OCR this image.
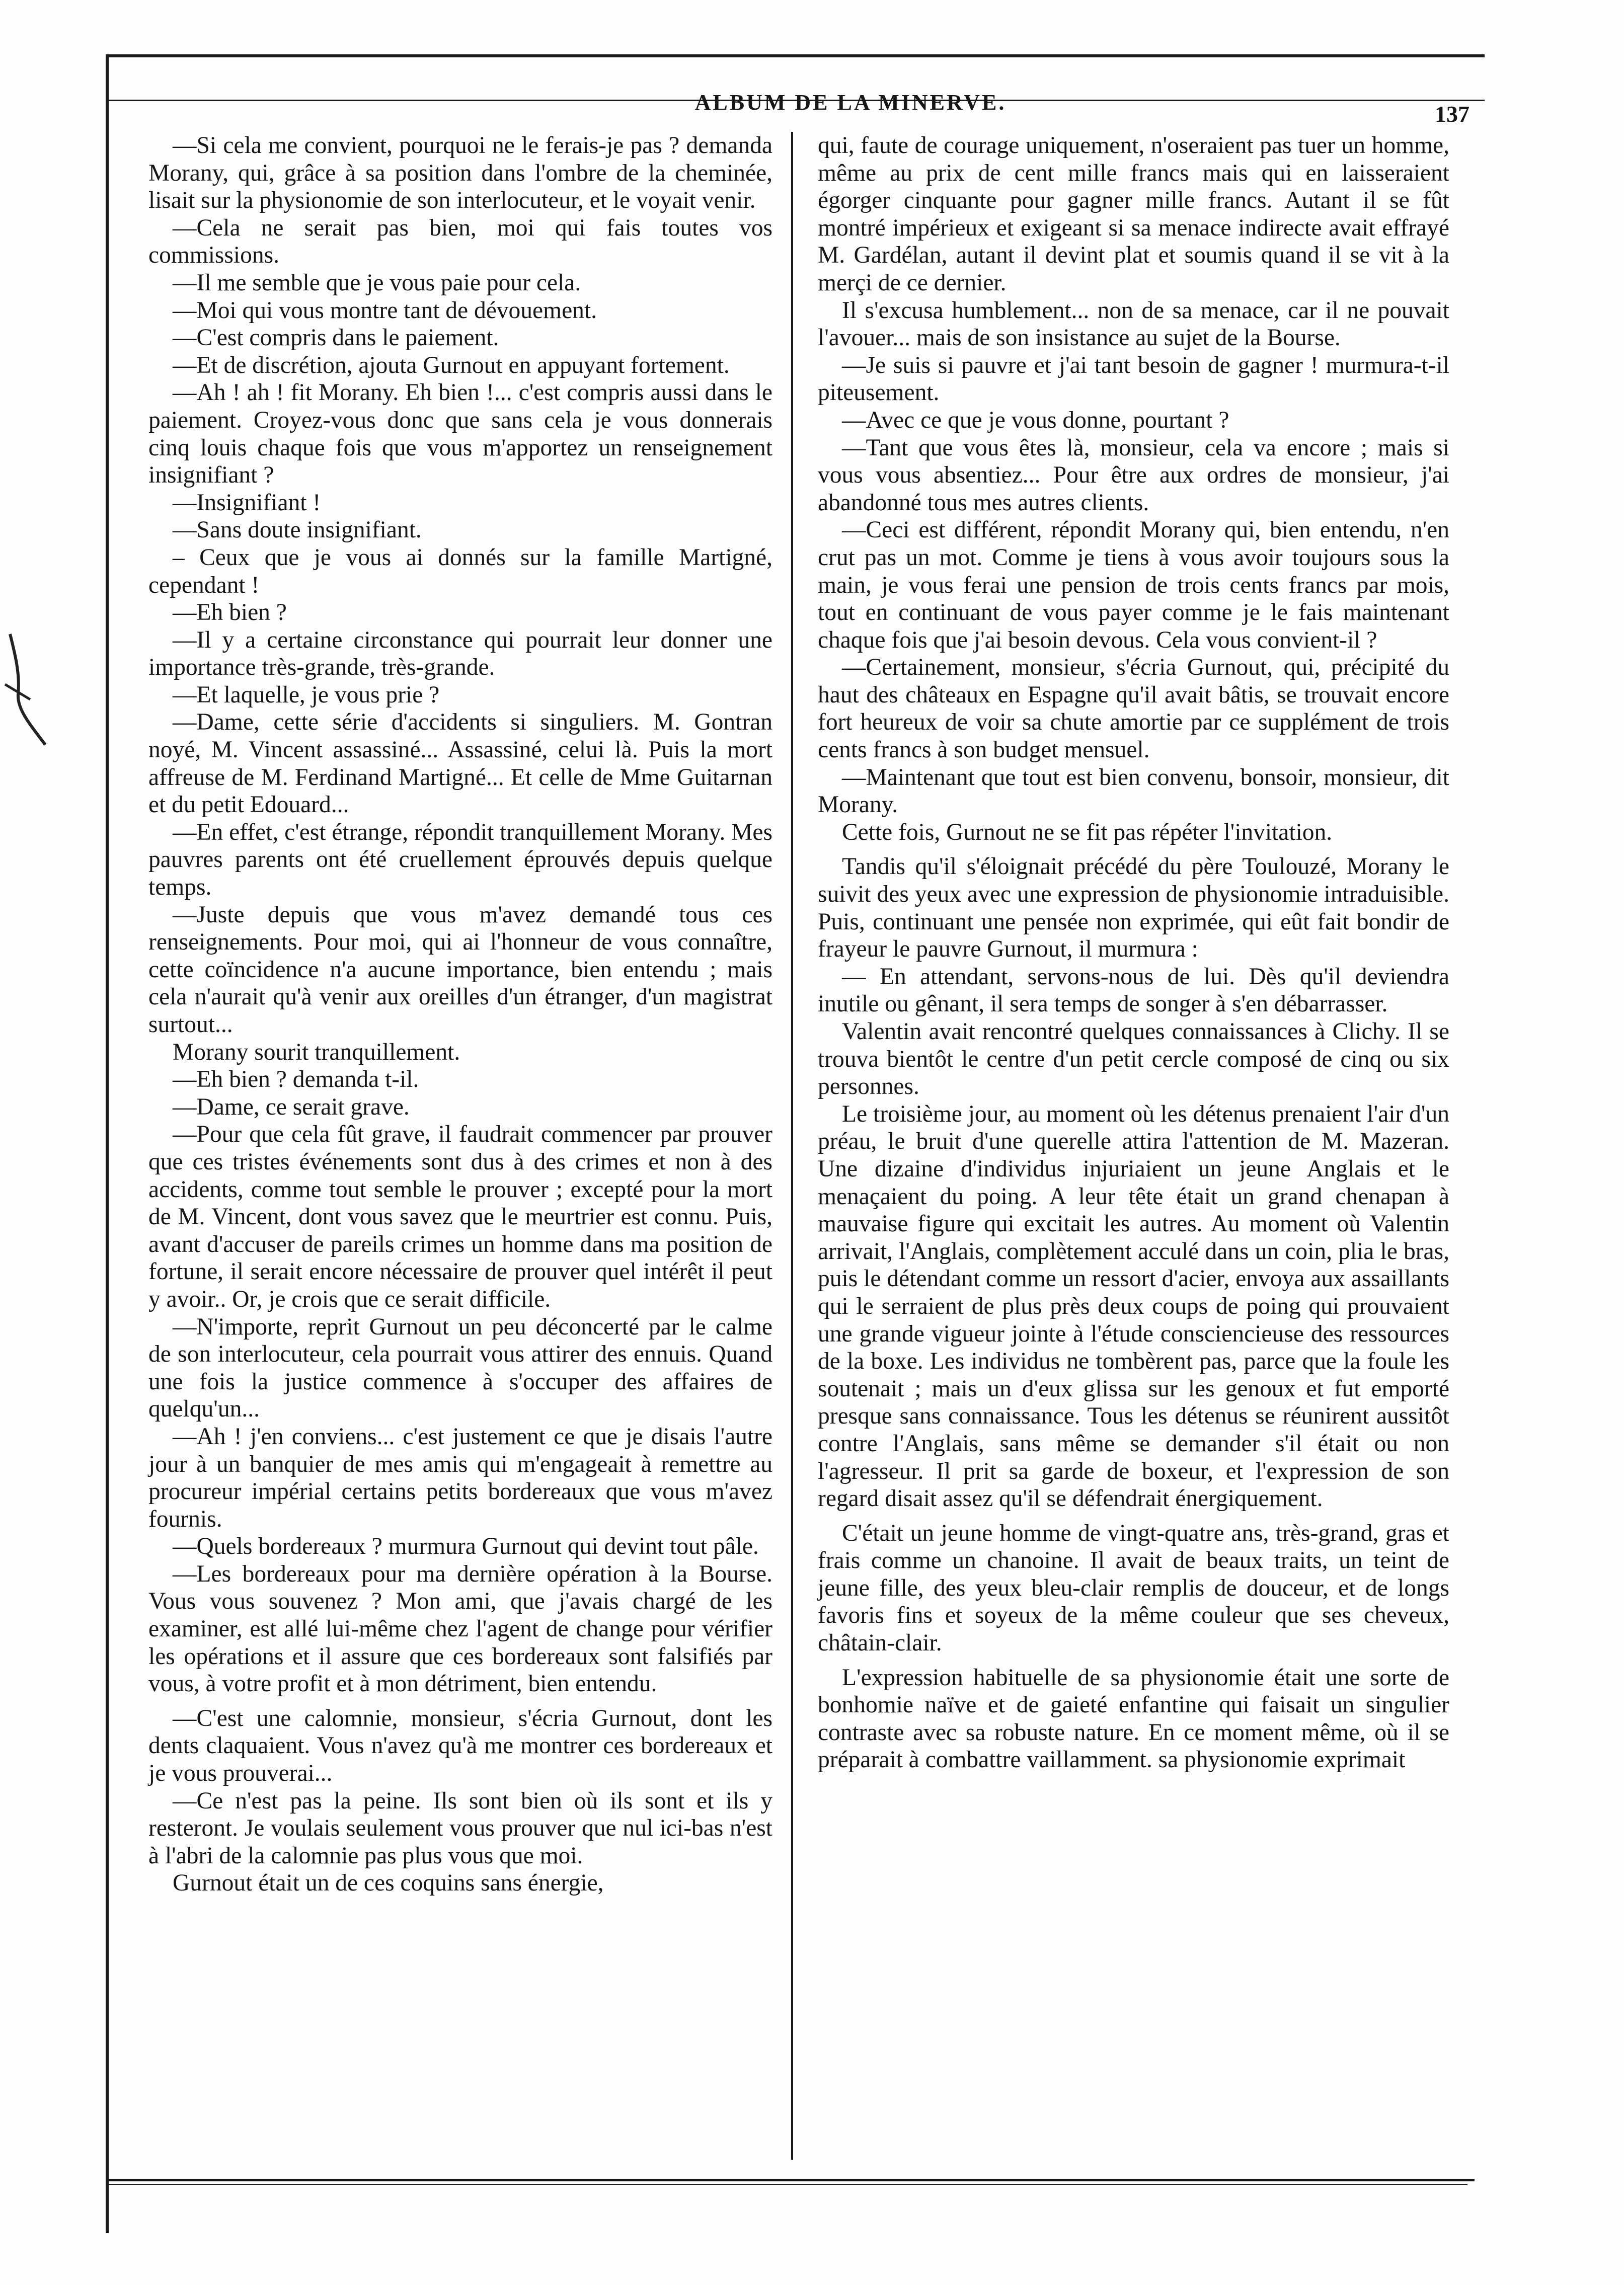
ALBUM DE LA MINERVE.	137

—Si cela me convient, pourquoi ne le ferais-je pas ? demanda Morany, qui, grâce à sa position dans l'ombre de la cheminée, lisait sur la physionomie de son interlocuteur, et le voyait venir.

—Cela ne serait pas bien, moi qui fais toutes vos commissions.

—Il me semble que je vous paie pour cela.

—Moi qui vous montre tant de dévouement.

—C'est compris dans le paiement.

—Et de discrétion, ajouta Gurnout en appuyant fortement.

—Ah ! ah ! fit Morany. Eh bien !... c'est compris aussi dans le paiement. Croyez-vous donc que sans cela je vous donnerais cinq louis chaque fois que vous m'apportez un renseignement insignifiant ?

—Insignifiant !

—Sans doute insignifiant.

– Ceux que je vous ai donnés sur la famille Martigné, cependant !

—Eh bien ?

—Il y a certaine circonstance qui pourrait leur donner une importance très-grande, très-grande.

—Et laquelle, je vous prie ?

—Dame, cette série d'accidents si singuliers. M. Gontran noyé, M. Vincent assassiné... Assassiné, celui là. Puis la mort affreuse de M. Ferdinand Martigné... Et celle de Mme Guitarnan et du petit Edouard...

—En effet, c'est étrange, répondit tranquillement Morany. Mes pauvres parents ont été cruellement éprouvés depuis quelque temps.

—Juste depuis que vous m'avez demandé tous ces renseignements. Pour moi, qui ai l'honneur de vous connaître, cette coïncidence n'a aucune importance, bien entendu ; mais cela n'aurait qu'à venir aux oreilles d'un étranger, d'un magistrat surtout...

Morany sourit tranquillement.

—Eh bien ? demanda t-il.

—Dame, ce serait grave.

—Pour que cela fût grave, il faudrait commencer par prouver que ces tristes événements sont dus à des crimes et non à des accidents, comme tout semble le prouver ; excepté pour la mort de M. Vincent, dont vous savez que le meurtrier est connu. Puis, avant d'accuser de pareils crimes un homme dans ma position de fortune, il serait encore nécessaire de prouver quel intérêt il peut y avoir.. Or, je crois que ce serait difficile.

—N'importe, reprit Gurnout un peu déconcerté par le calme de son interlocuteur, cela pourrait vous attirer des ennuis. Quand une fois la justice commence à s'occuper des affaires de quelqu'un...

—Ah ! j'en conviens... c'est justement ce que je disais l'autre jour à un banquier de mes amis qui m'engageait à remettre au procureur impérial certains petits bordereaux que vous m'avez fournis.

—Quels bordereaux ? murmura Gurnout qui devint tout pâle.

—Les bordereaux pour ma dernière opération à la Bourse. Vous vous souvenez ? Mon ami, que j'avais chargé de les examiner, est allé lui-même chez l'agent de change pour vérifier les opérations et il assure que ces bordereaux sont falsifiés par vous, à votre profit et à mon détriment, bien entendu.

—C'est une calomnie, monsieur, s'écria Gurnout, dont les dents claquaient. Vous n'avez qu'à me montrer ces bordereaux et je vous prouverai...

—Ce n'est pas la peine. Ils sont bien où ils sont et ils y resteront. Je voulais seulement vous prouver que nul ici-bas n'est à l'abri de la calomnie pas plus vous que moi.

Gurnout était un de ces coquins sans énergie,

qui, faute de courage uniquement, n'oseraient pas tuer un homme, même au prix de cent mille francs mais qui en laisseraient égorger cinquante pour gagner mille francs. Autant il se fût montré impérieux et exigeant si sa menace indirecte avait effrayé M. Gardélan, autant il devint plat et soumis quand il se vit à la merçi de ce dernier.

Il s'excusa humblement... non de sa menace, car il ne pouvait l'avouer... mais de son insistance au sujet de la Bourse.

—Je suis si pauvre et j'ai tant besoin de gagner ! murmura-t-il piteusement.

—Avec ce que je vous donne, pourtant ?

—Tant que vous êtes là, monsieur, cela va encore ; mais si vous vous absentiez... Pour être aux ordres de monsieur, j'ai abandonné tous mes autres clients.

—Ceci est différent, répondit Morany qui, bien entendu, n'en crut pas un mot. Comme je tiens à vous avoir toujours sous la main, je vous ferai une pension de trois cents francs par mois, tout en continuant de vous payer comme je le fais maintenant chaque fois que j'ai besoin devous. Cela vous convient-il ?

—Certainement, monsieur, s'écria Gurnout, qui, précipité du haut des châteaux en Espagne qu'il avait bâtis, se trouvait encore fort heureux de voir sa chute amortie par ce supplément de trois cents francs à son budget mensuel.

—Maintenant que tout est bien convenu, bonsoir, monsieur, dit Morany.

Cette fois, Gurnout ne se fit pas répéter l'invitation.

Tandis qu'il s'éloignait précédé du père Toulouzé, Morany le suivit des yeux avec une expression de physionomie intraduisible. Puis, continuant une pensée non exprimée, qui eût fait bondir de frayeur le pauvre Gurnout, il murmura :

— En attendant, servons-nous de lui. Dès qu'il deviendra inutile ou gênant, il sera temps de songer à s'en débarrasser.

Valentin avait rencontré quelques connaissances à Clichy. Il se trouva bientôt le centre d'un petit cercle composé de cinq ou six personnes.

Le troisième jour, au moment où les détenus prenaient l'air d'un préau, le bruit d'une querelle attira l'attention de M. Mazeran. Une dizaine d'individus injuriaient un jeune Anglais et le menaçaient du poing. A leur tête était un grand chenapan à mauvaise figure qui excitait les autres. Au moment où Valentin arrivait, l'Anglais, complètement acculé dans un coin, plia le bras, puis le détendant comme un ressort d'acier, envoya aux assaillants qui le serraient de plus près deux coups de poing qui prouvaient une grande vigueur jointe à l'étude consciencieuse des ressources de la boxe. Les individus ne tombèrent pas, parce que la foule les soutenait ; mais un d'eux glissa sur les genoux et fut emporté presque sans connaissance. Tous les détenus se réunirent aussitôt contre l'Anglais, sans même se demander s'il était ou non l'agresseur. Il prit sa garde de boxeur, et l'expression de son regard disait assez qu'il se défendrait énergiquement.

C'était un jeune homme de vingt-quatre ans, très-grand, gras et frais comme un chanoine. Il avait de beaux traits, un teint de jeune fille, des yeux bleu-clair remplis de douceur, et de longs favoris fins et soyeux de la même couleur que ses cheveux, châtain-clair.

L'expression habituelle de sa physionomie était une sorte de bonhomie naïve et de gaieté enfantine qui faisait un singulier contraste avec sa robuste nature. En ce moment même, où il se préparait à combattre vaillamment. sa physionomie exprimait
